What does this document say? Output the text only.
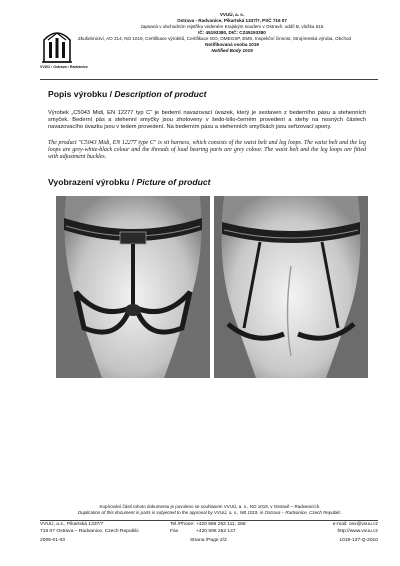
VVUÚ • Ostrava • Radvanice
VVUÚ, a. s.
Ostrava - Radvanice, Pikartská 1337/7, PSČ 716 07
zapsaná v obchodním rejstříku vedeném Krajským soudem v Ostravě, oddíl B, vložka 515
IČ: 45193380, DIČ: CZ45193380
Zkušebnictví, AO 214, NO 1019, Certifikace výrobků, Certifikace ISO, OMEGSP, EMS, Inspekční činnost, Strojírenská výroba, Obchod
Notifikovaná osoba 1019
Notified Body 1019
Popis výrobku / Description of product
Výrobek „C5043 Midi, EN 12277 typ C“ je bederní navazovací úvazek, který je sestaven z bederního pásu a stehenních smyček. Bederní pás a stehenní smyčky jsou zhotoveny v šedo-bílo-černém provedení a stehy na nosných částech navazovacího úvazku jsou v tedem provedení. Na bederním pásu a stehenních smyčkách jsou seřizovací spony.
The product "C5043 Midi, EN 12277 type C" is sit harness, which consists of the waist belt and leg loops. The waist belt and the leg loops are grey-white-black colour and the threads of load bearing parts are grey colour. The waist belt and the leg loops are fitted with adjustment buckles.
Vyobrazení výrobku / Picture of product
Kopírování částí tohoto dokumentu je povoleno se souhlasem VVUÚ, a. s., NO 1019, v Ostravě – Radvanicích.
Duplication of this document in parts is subjected to the approval by VVUÚ, a. s., NB 1019, in Ostrava – Radvanice, Czech Republic.
VVUÚ, a.s., Pikartská 1337/7
716 07 Ostrava – Radvanice, Czech Republic
2005-01-03
Tel./Phone: +420 596 252 111, 268
Fax	+420 596 252 147
Strana /Page 2/2
e-mail: osv@vvuu.cz
http://www.vvuu.cz
1019-137-Q-2010
